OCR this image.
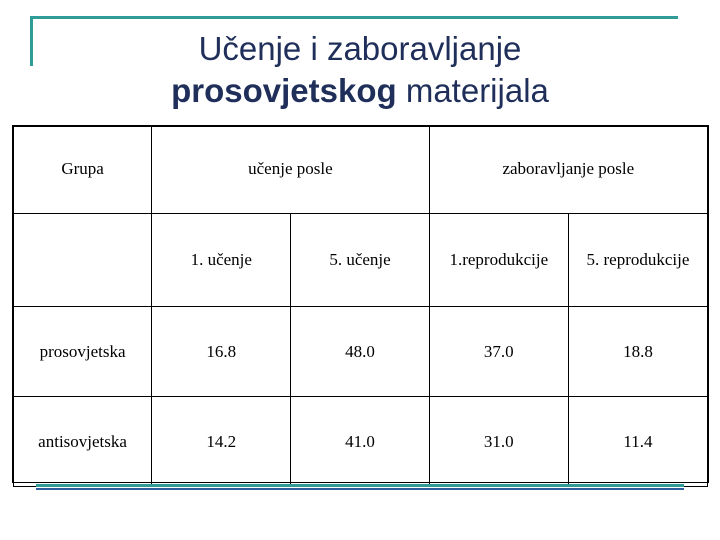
Učenje i zaboravljanje
prosovjetskog materijala
Grupa	učenje posle		zaboravljanje posle	
	1. učenje	5. učenje	1.reprodukcije	5. reprodukcije
prosovjetska	16.8	48.0	37.0	18.8
antisovjetska	14.2	41.0	31.0	11.4
